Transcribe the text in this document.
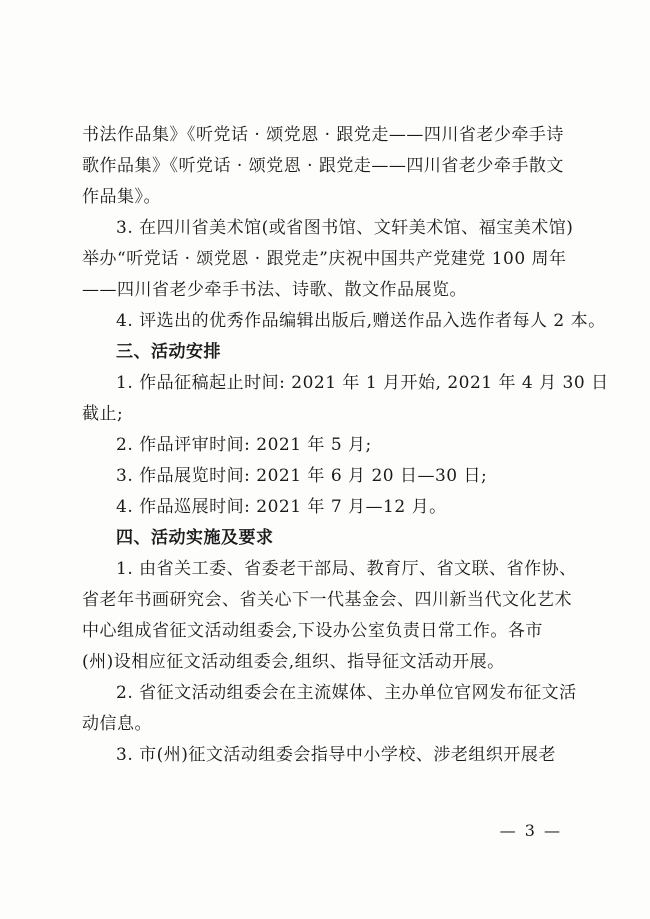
书法作品集》《听党话 · 颂党恩 · 跟党走——四川省老少牵手诗
歌作品集》《听党话 · 颂党恩 · 跟党走——四川省老少牵手散文
作品集》。
3. 在四川省美术馆(或省图书馆、文轩美术馆、福宝美术馆)
举办“听党话 · 颂党恩 · 跟党走”庆祝中国共产党建党 100 周年
——四川省老少牵手书法、诗歌、散文作品展览。
4. 评选出的优秀作品编辑出版后,赠送作品入选作者每人 2 本。
三、活动安排
1. 作品征稿起止时间: 2021 年 1 月开始, 2021 年 4 月 30 日
截止;
2. 作品评审时间: 2021 年 5 月;
3. 作品展览时间: 2021 年 6 月 20 日—30 日;
4. 作品巡展时间: 2021 年 7 月—12 月。
四、活动实施及要求
1. 由省关工委、省委老干部局、教育厅、省文联、省作协、
省老年书画研究会、省关心下一代基金会、四川新当代文化艺术
中心组成省征文活动组委会,下设办公室负责日常工作。各市
(州)设相应征文活动组委会,组织、指导征文活动开展。
2. 省征文活动组委会在主流媒体、主办单位官网发布征文活
动信息。
3. 市(州)征文活动组委会指导中小学校、涉老组织开展老
— 3 —
